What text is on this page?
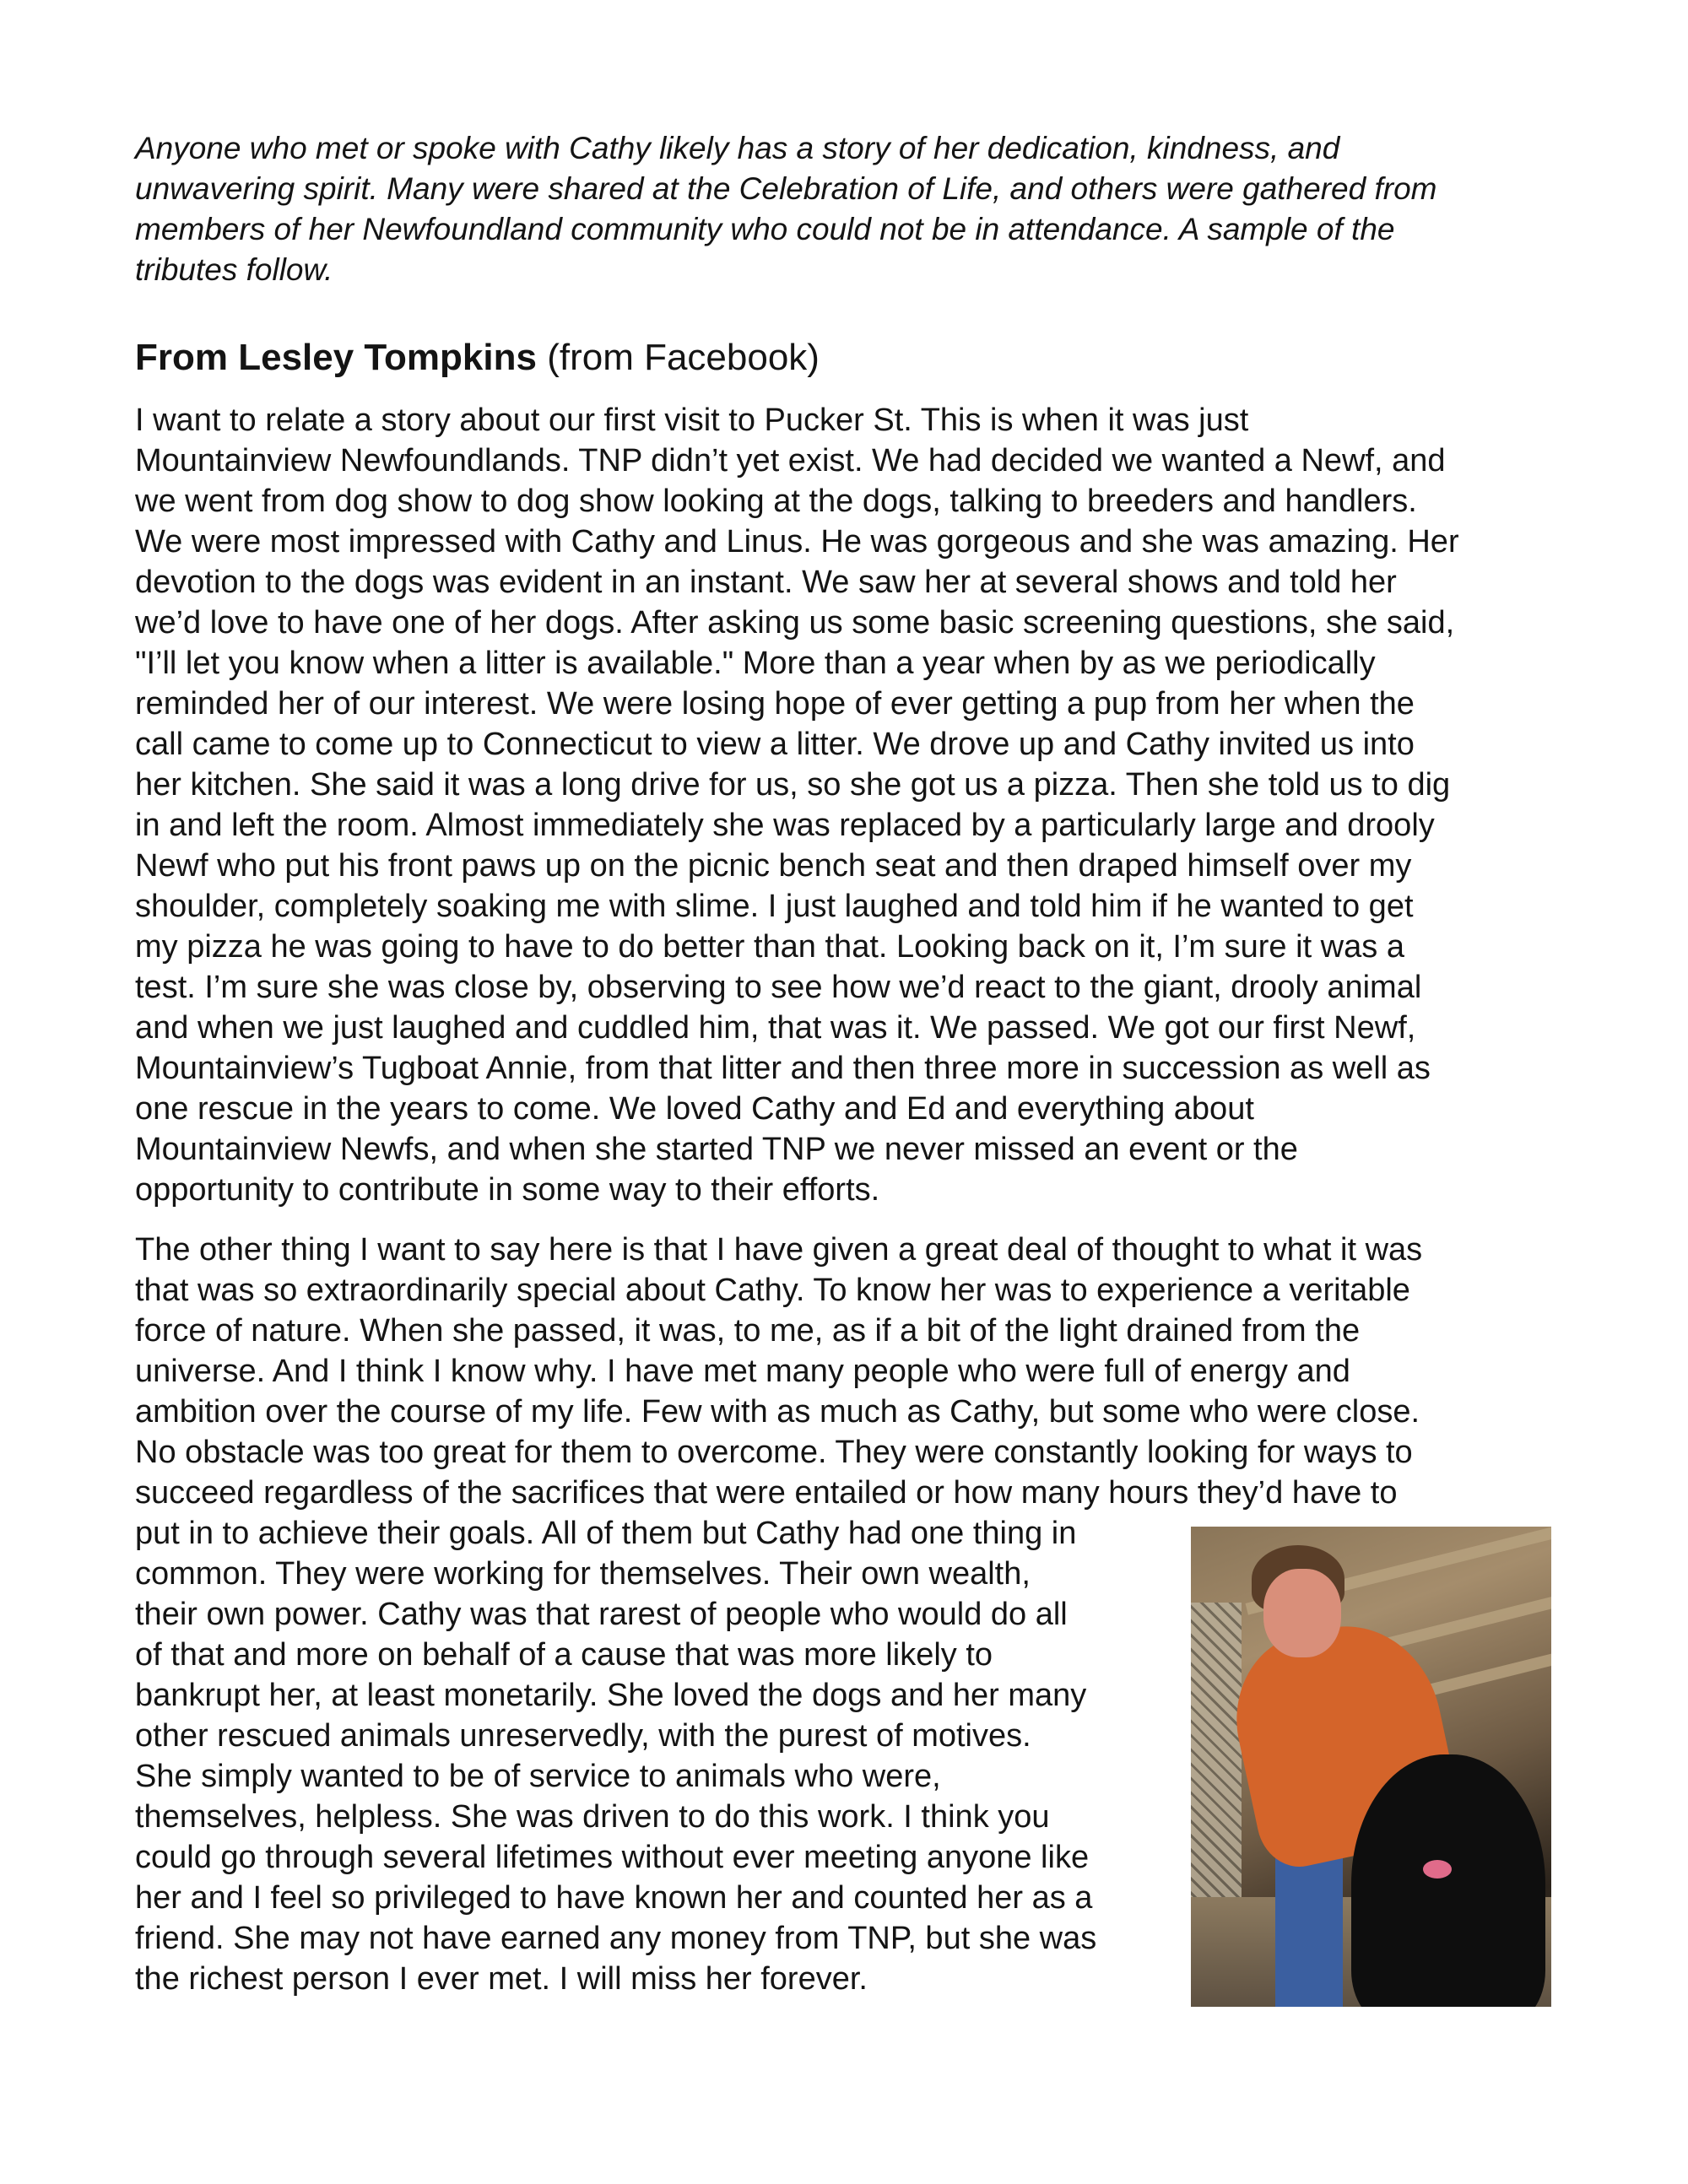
Anyone who met or spoke with Cathy likely has a story of her dedication, kindness, and
unwavering spirit. Many were shared at the Celebration of Life, and others were gathered from
members of her Newfoundland community who could not be in attendance. A sample of the
tributes follow.
From Lesley Tompkins (from Facebook)
I want to relate a story about our first visit to Pucker St. This is when it was just
Mountainview Newfoundlands. TNP didn’t yet exist. We had decided we wanted a Newf, and
we went from dog show to dog show looking at the dogs, talking to breeders and handlers.
We were most impressed with Cathy and Linus. He was gorgeous and she was amazing. Her
devotion to the dogs was evident in an instant. We saw her at several shows and told her
we’d love to have one of her dogs. After asking us some basic screening questions, she said,
"I’ll let you know when a litter is available." More than a year when by as we periodically
reminded her of our interest. We were losing hope of ever getting a pup from her when the
call came to come up to Connecticut to view a litter. We drove up and Cathy invited us into
her kitchen. She said it was a long drive for us, so she got us a pizza. Then she told us to dig
in and left the room. Almost immediately she was replaced by a particularly large and drooly
Newf who put his front paws up on the picnic bench seat and then draped himself over my
shoulder, completely soaking me with slime. I just laughed and told him if he wanted to get
my pizza he was going to have to do better than that. Looking back on it, I’m sure it was a
test. I’m sure she was close by, observing to see how we’d react to the giant, drooly animal
and when we just laughed and cuddled him, that was it. We passed. We got our first Newf,
Mountainview’s Tugboat Annie, from that litter and then three more in succession as well as
one rescue in the years to come. We loved Cathy and Ed and everything about
Mountainview Newfs, and when she started TNP we never missed an event or the
opportunity to contribute in some way to their efforts.
The other thing I want to say here is that I have given a great deal of thought to what it was
that was so extraordinarily special about Cathy. To know her was to experience a veritable
force of nature. When she passed, it was, to me, as if a bit of the light drained from the
universe. And I think I know why. I have met many people who were full of energy and
ambition over the course of my life. Few with as much as Cathy, but some who were close.
No obstacle was too great for them to overcome. They were constantly looking for ways to
succeed regardless of the sacrifices that were entailed or how many hours they’d have to
put in to achieve their goals. All of them but Cathy had one thing in
common. They were working for themselves. Their own wealth,
their own power. Cathy was that rarest of people who would do all
of that and more on behalf of a cause that was more likely to
bankrupt her, at least monetarily. She loved the dogs and her many
other rescued animals unreservedly, with the purest of motives.
She simply wanted to be of service to animals who were,
themselves, helpless. She was driven to do this work. I think you
could go through several lifetimes without ever meeting anyone like
her and I feel so privileged to have known her and counted her as a
friend. She may not have earned any money from TNP, but she was
the richest person I ever met. I will miss her forever.
